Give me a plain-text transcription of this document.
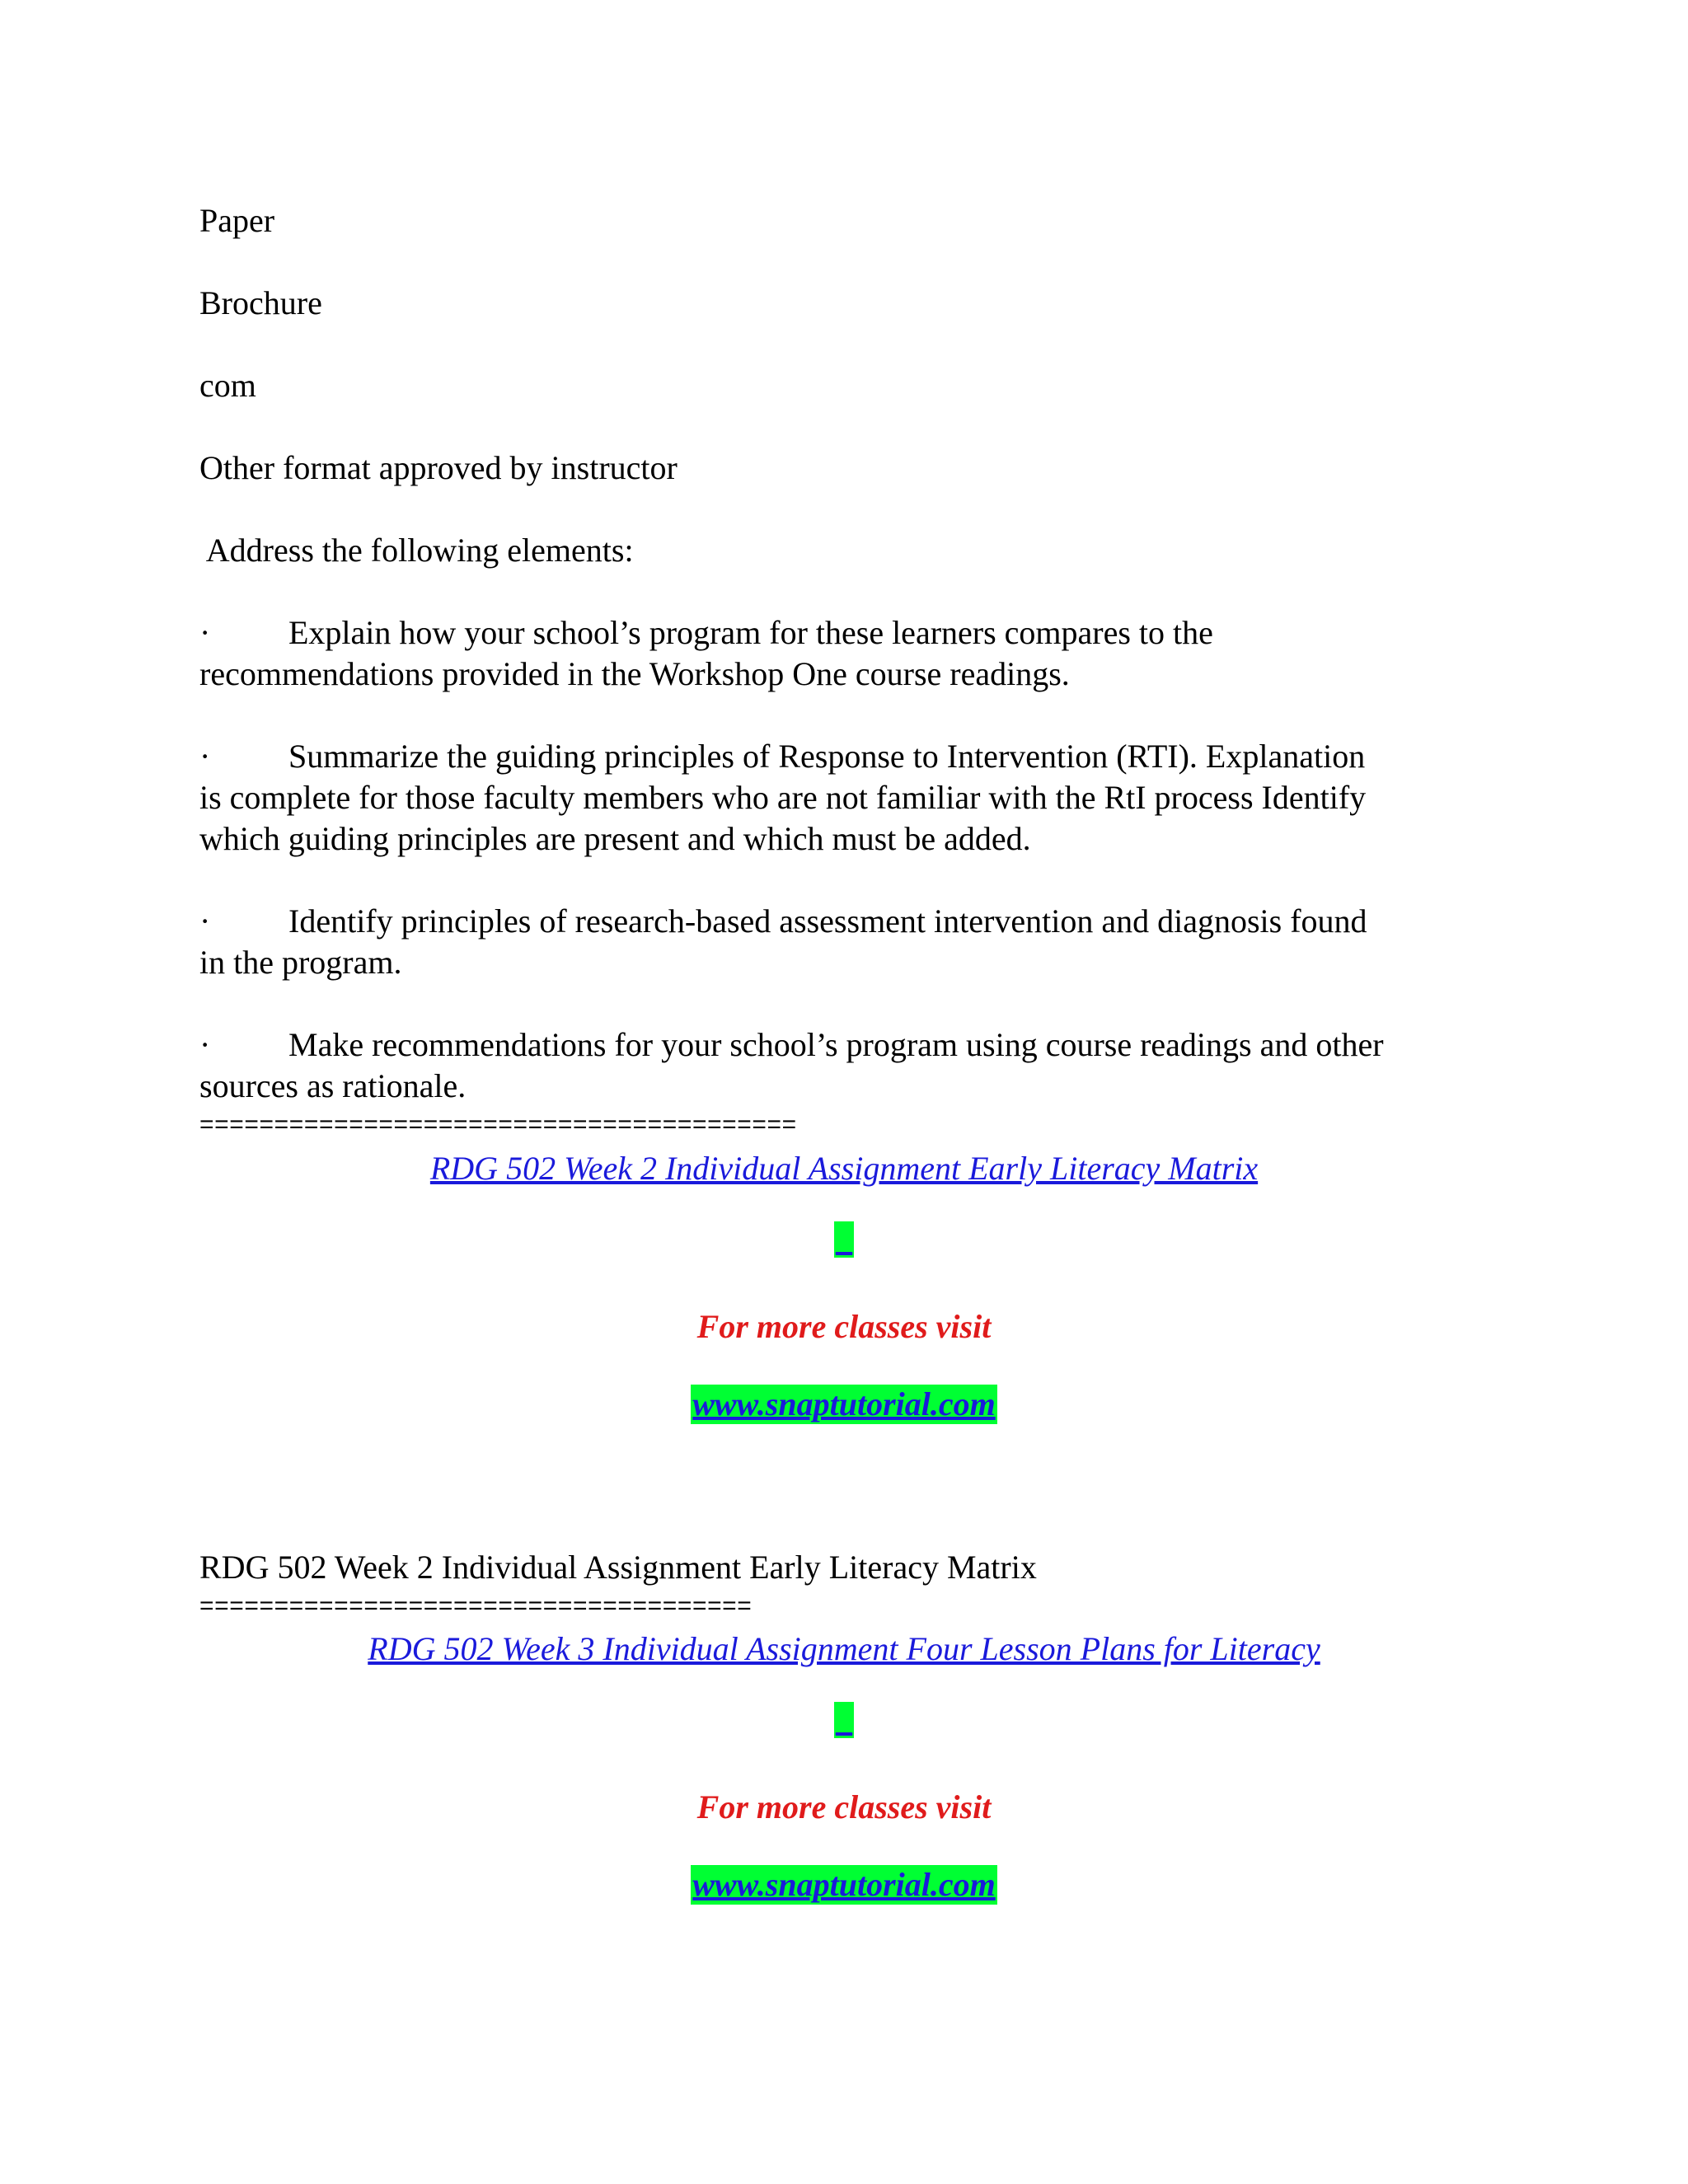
Paper
Brochure
com
Other format approved by instructor
Address the following elements:
· Explain how your school’s program for these learners compares to the
recommendations provided in the Workshop One course readings.
· Summarize the guiding principles of Response to Intervention (RTI). Explanation
is complete for those faculty members who are not familiar with the RtI process Identify
which guiding principles are present and which must be added.
· Identify principles of research-based assessment intervention and diagnosis found
in the program.
· Make recommendations for your school’s program using course readings and other
sources as rationale.
========================================
RDG 502 Week 2 Individual Assignment Early Literacy Matrix
_
For more classes visit
www.snaptutorial.com
RDG 502 Week 2 Individual Assignment Early Literacy Matrix
=====================================
RDG 502 Week 3 Individual Assignment Four Lesson Plans for Literacy
_
For more classes visit
www.snaptutorial.com
